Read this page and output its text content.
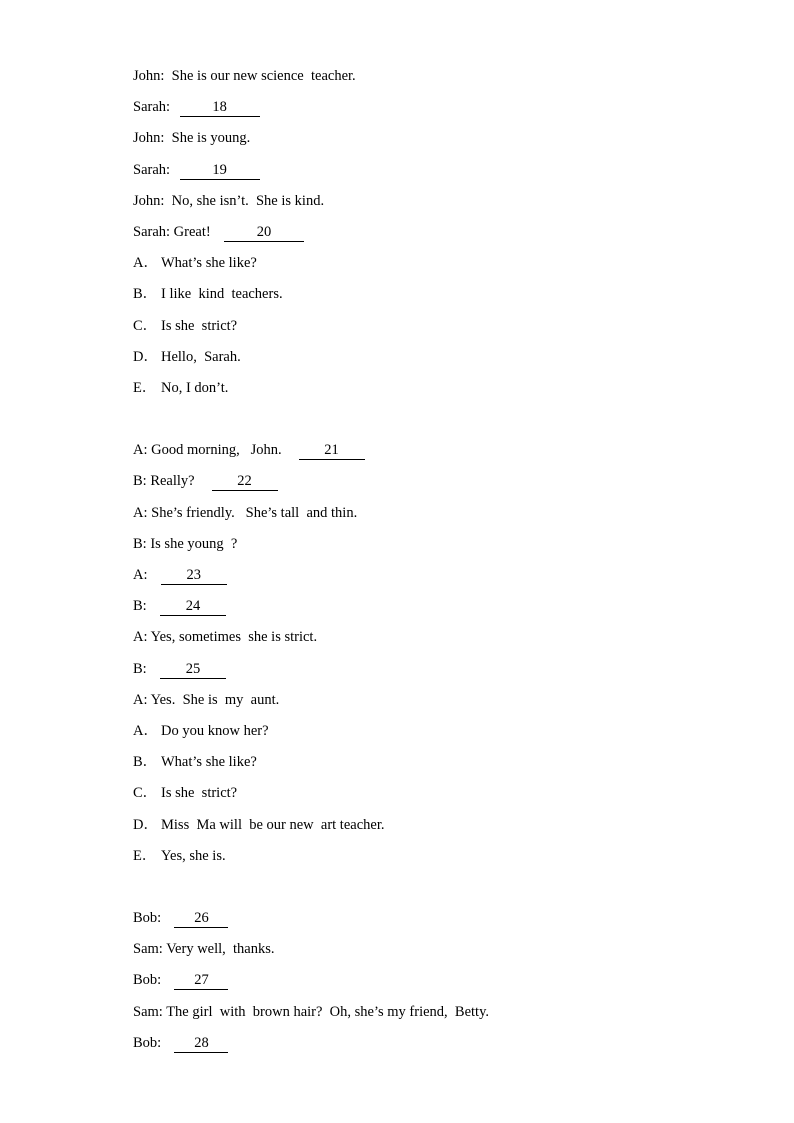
John: She is our new science  teacher.
Sarah:	18
John: She is young.
Sarah:	19
John: No, she isn’t.  She is kind.
Sarah: Great!	20
A． What’s she like?
B． I like  kind  teachers.
C． Is she  strict?
D． Hello,  Sarah.
E． No, I don’t.
A: Good morning,   John.	21
B: Really?	22
A: She’s friendly.   She’s tall  and thin.
B: Is she young  ?
A:	23
B:	24
A: Yes, sometimes  she is strict.
B:	25
A: Yes.  She is  my  aunt.
A． Do you know her?
B． What’s she like?
C． Is she  strict?
D． Miss  Ma will  be our new  art teacher.
E． Yes, she is.
Bob: 26
Sam: Very well,  thanks.
Bob: 27
Sam: The girl  with  brown hair?  Oh, she’s my friend,  Betty.
Bob: 28
